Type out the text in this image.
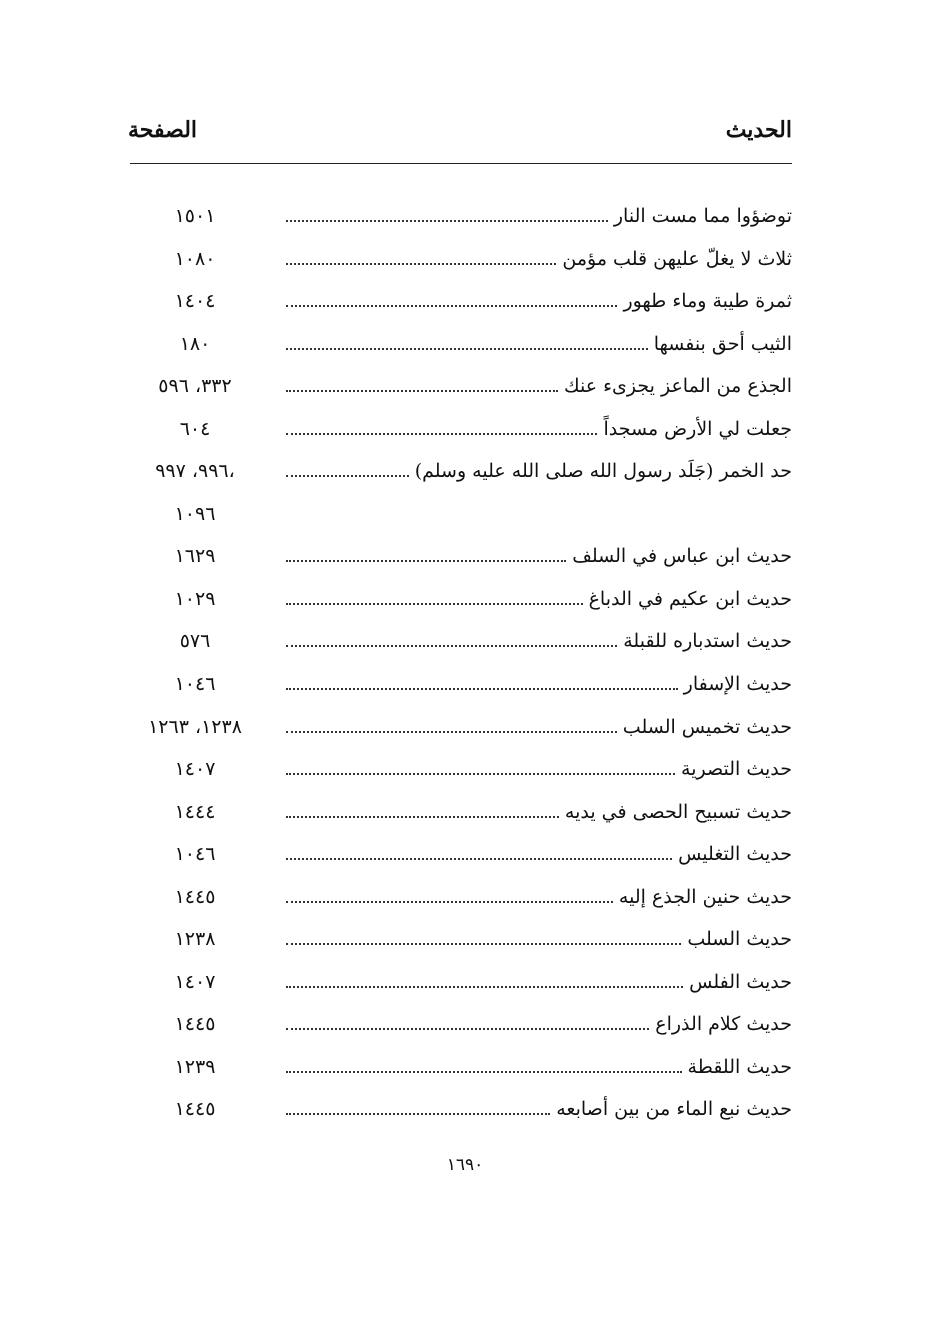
الصفحة	الحديث
توضؤوا مما مست النار
١٥٠١
ثلاث لا يغلّ عليهن قلب مؤمن
١٠٨٠
ثمرة طيبة وماء طهور
١٤٠٤
الثيب أحق بنفسها
١٨٠
الجذع من الماعز يجزىء عنك
٣٣٢، ٥٩٦
جعلت لي الأرض مسجداً
٦٠٤
حد الخمر (جَلَد رسول الله صلى الله عليه وسلم)
٩٩٦، ٩٩٧،
١٠٩٦
حديث ابن عباس في السلف
١٦٢٩
حديث ابن عكيم في الدباغ
١٠٢٩
حديث استدباره للقبلة
٥٧٦
حديث الإسفار
١٠٤٦
حديث تخميس السلب
١٢٣٨، ١٢٦٣
حديث التصرية
١٤٠٧
حديث تسبيح الحصى في يديه
١٤٤٤
حديث التغليس
١٠٤٦
حديث حنين الجذع إليه
١٤٤٥
حديث السلب
١٢٣٨
حديث الفلس
١٤٠٧
حديث كلام الذراع
١٤٤٥
حديث اللقطة
١٢٣٩
حديث نبع الماء من بين أصابعه
١٤٤٥
١٦٩٠
